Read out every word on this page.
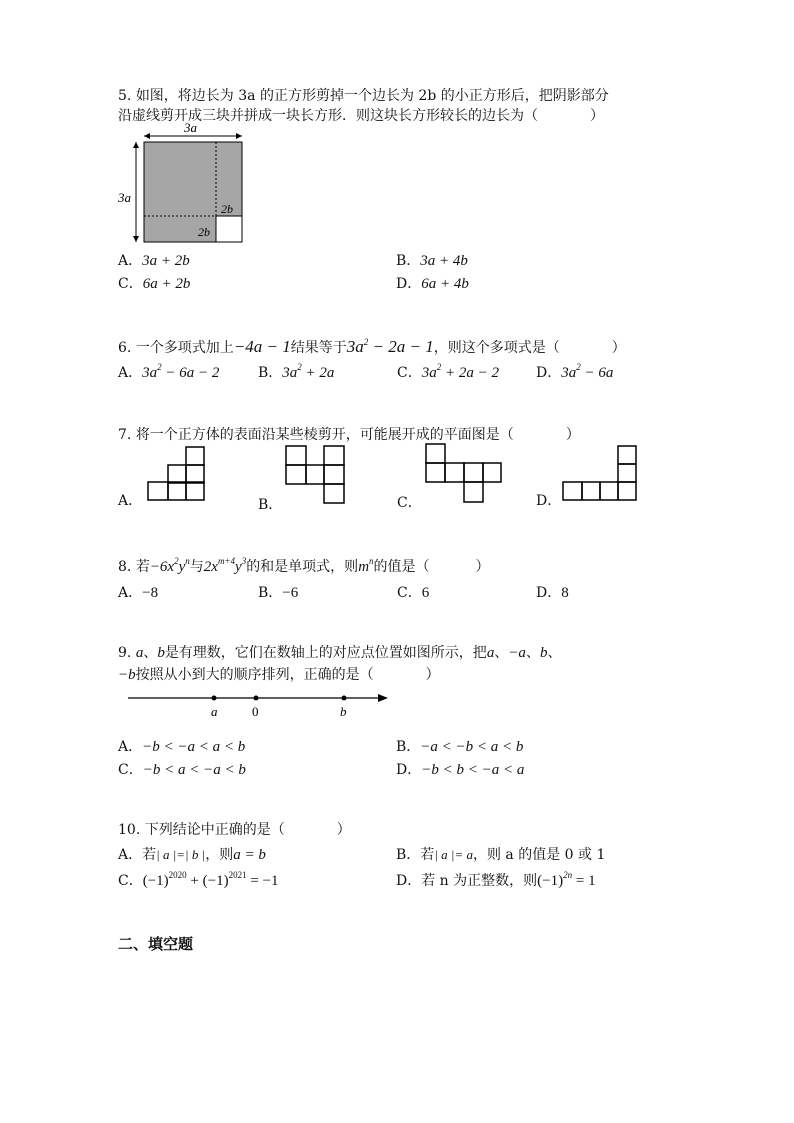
5. 如图，将边长为 3a 的正方形剪掉一个边长为 2b 的小正方形后，把阴影部分
沿虚线剪开成三块并拼成一块长方形．则这块长方形较长的边长为（	）
3a
3a
2b
2b
A．3a + 2b	B．3a + 4b
C．6a + 2b	D．6a + 4b
6. 一个多项式加上−4a − 1结果等于$3a^2 - 2a - 1$，则这个多项式是（	）
A．$3a^2 - 6a - 2$	B．$3a^2 + 2a$	C．$3a^2 + 2a - 2$	D．$3a^2 - 6a$
7. 将一个正方体的表面沿某些棱剪开，可能展开成的平面图是（	）
A．	B．	C．	D．
8. 若$-6x^2y^n$与$2x^{m+4}y^3$的和是单项式，则$m^n$的值是（	）
A．−8	B．−6	C．6	D．8
9. a、b是有理数，它们在数轴上的对应点位置如图所示，把a、−a、b、
−b按照从小到大的顺序排列，正确的是（	）
a	0	b
A．−b < −a < a < b	B．−a < −b < a < b
C．−b < a < −a < b	D．−b < b < −a < a
10. 下列结论中正确的是（	）
A．若| a |=| b |，则a = b	B．若| a |= a，则 a 的值是 0 或 1
C．$(-1)^{2020} + (-1)^{2021} = -1$	D．若 n 为正整数，则$(-1)^{2n} = 1$
二、填空题
